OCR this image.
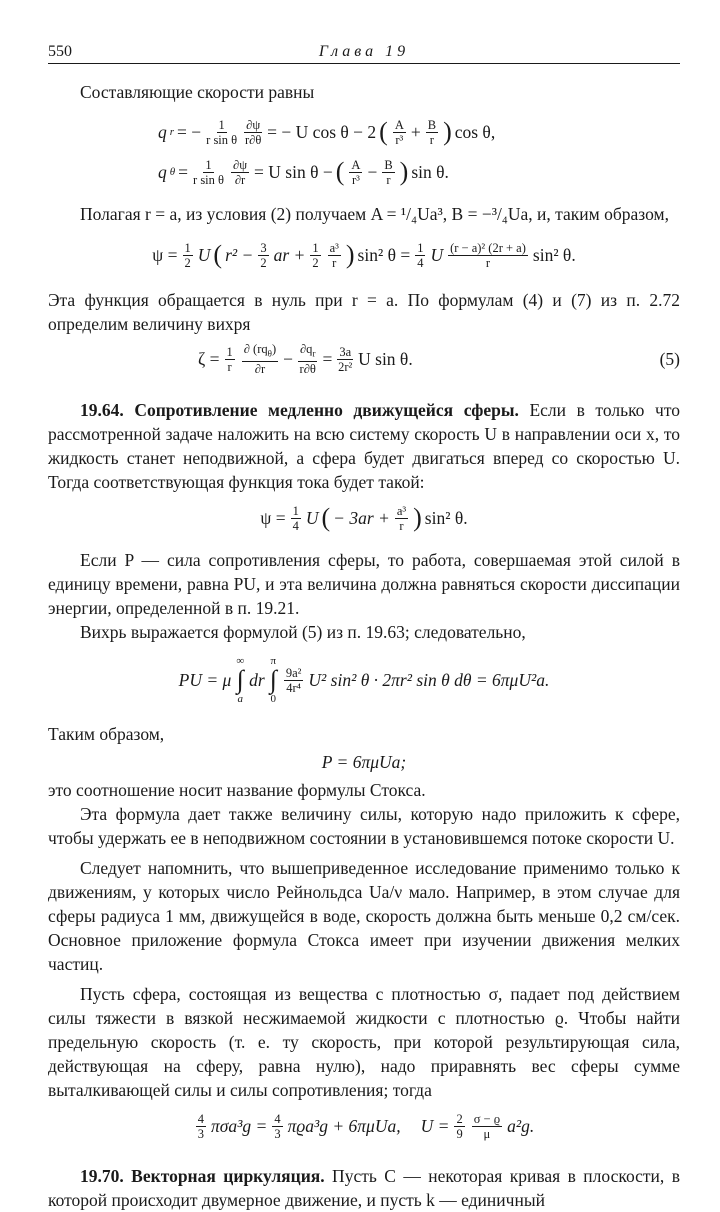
550	Глава 19

Составляющие скорости равны

q r = − $\frac{1}{\text{r sin θ}} \frac{\partial\psi}{r\partial\theta}$ = − U cos θ − 2 ( $\frac{A}{\text{r³}} + \frac{B}{r}$ ) cos θ,
q $\theta = \frac{1}{\text{r sin θ}} \frac{\partial\psi}{\partial r} = U$ sin θ − ( $\frac{A}{\text{r³}} - \frac{B}{r}$ ) sin θ.

Полагая r = a, из условия (2) получаем A = ¹/₄Ua³, B = −³/₄Ua, и, таким образом,

$\psi = \frac{1}{2}$ U ( $r^2 - \frac{3}{2}$ ar + $\frac{1}{2} \frac{\text{a³}}{r}$ ) sin² $\theta = \frac{1}{4}$ U $\frac{\text{(r − a)² (2r + a)}}{r} \sin^2$ θ.

Эта функция обращается в нуль при r = a. По формулам (4) и (7) из п. 2.72 определим величину вихря

$\zeta = \frac{1}{r} \frac{\partial (rq_\theta)}{\partial r} - \frac{\partial q_r}{r\partial\theta} = \frac{3a}{\text{2r²}}$ U sin θ.	(5)

19.64. Сопротивление медленно движущейся сферы. Если в только что рассмотренной задаче наложить на всю систему скорость U в направлении оси x, то жидкость станет неподвижной, а сфера будет двигаться вперед со скоростью U. Тогда соответствующая функция тока будет такой:

$\psi = \frac{1}{4}$ U ( − $3ar + \frac{\text{a³}}{r}$ ) sin² θ.

Если P — сила сопротивления сферы, то работа, совершаемая этой силой в единицу времени, равна PU, и эта величина должна равняться скорости диссипации энергии, определенной в п. 19.21.

Вихрь выражается формулой (5) из п. 19.63; следовательно,

PU = μ
∞
∫
a
dr
π
∫
0
$\frac{\text{9a²}}{\text{4r⁴}} U^2$ sin² θ · 2πr² sin θ dθ = 6πμU²a.

Таким образом,

P = 6πμUa;

это соотношение носит название формулы Стокса.

Эта формула дает также величину силы, которую надо приложить к сфере, чтобы удержать ее в неподвижном состоянии в установившемся потоке скорости U.

Следует напомнить, что вышеприведенное исследование применимо только к движениям, у которых число Рейнольдса Ua/ν мало. Например, в этом случае для сферы радиуса 1 мм, движущейся в воде, скорость должна быть меньше 0,2 см/сек. Основное приложение формула Стокса имеет при изучении движения мелких частиц.

Пусть сфера, состоящая из вещества с плотностью σ, падает под действием силы тяжести в вязкой несжимаемой жидкости с плотностью ϱ. Чтобы найти предельную скорость (т. е. ту скорость, при которой результирующая сила, действующая на сферу, равна нулю), надо приравнять вес сферы сумме выталкивающей силы и силы сопротивления; тогда

$\frac{4}{3} \pi\sigma a^3g = \frac{4}{3} \pi ϱa^3g + 6\pi\mu Ua$, $U = \frac{2}{9} \frac{\sigma - ϱ}{\mu} a^2g$.

19.70. Векторная циркуляция. Пусть C — некоторая кривая в плоскости, в которой происходит двумерное движение, и пусть k — единичный
